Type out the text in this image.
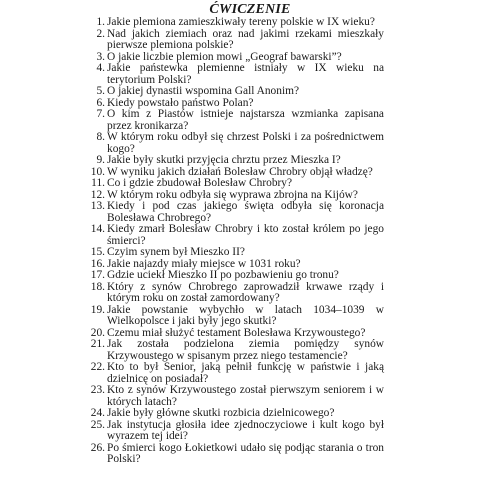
ĆWICZENIE
1. Jakie plemiona zamieszkiwały tereny polskie w IX wieku?
2. Nad jakich ziemiach oraz nad jakimi rzekami mieszkały pierwsze plemiona polskie?
3. O jakie liczbie plemion mowi „Geograf bawarski”?
4. Jakie państewka plemienne istniały w IX wieku na terytorium Polski?
5. O jakiej dynastii wspomina Gall Anonim?
6. Kiedy powstało państwo Polan?
7. O kim z Piastów istnieje najstarsza wzmianka zapisana przez kronikarza?
8. W którym roku odbył się chrzest Polski i za pośrednictwem kogo?
9. Jakie były skutki przyjęcia chrztu przez Mieszka I?
10. W wyniku jakich działań Bolesław Chrobry objął władzę?
11. Co i gdzie zbudował Bolesław Chrobry?
12. W którym roku odbyła się wyprawa zbrojna na Kijów?
13. Kiedy i pod czas jakiego święta odbyła się koronacja Bolesława Chrobrego?
14. Kiedy zmarł Bolesław Chrobry i kto został królem po jego śmierci?
15. Czyim synem był Mieszko II?
16. Jakie najazdy miały miejsce w 1031 roku?
17. Gdzie uciekł Mieszko II po pozbawieniu go tronu?
18. Który z synów Chrobrego zaprowadził krwawe rządy i którym roku on został zamordowany?
19. Jakie powstanie wybychło w latach 1034–1039 w Wielkopolsce i jaki były jego skutki?
20. Czemu miał służyć testament Bolesława Krzywoustego?
21. Jak została podzielona ziemia pomiędzy synów Krzywoustego w spisanym przez niego testamencie?
22. Kto to był Senior, jaką pełnił funkcję w państwie i jaką dzielnicę on posiadał?
23. Kto z synów Krzywoustego został pierwszym seniorem i w których latach?
24. Jakie były główne skutki rozbicia dzielnicowego?
25. Jak instytucja głosiła idee zjednoczyciowe i kult kogo był wyrazem tej idei?
26. Po śmierci kogo Łokietkowi udało się podjąc starania o tron Polski?
